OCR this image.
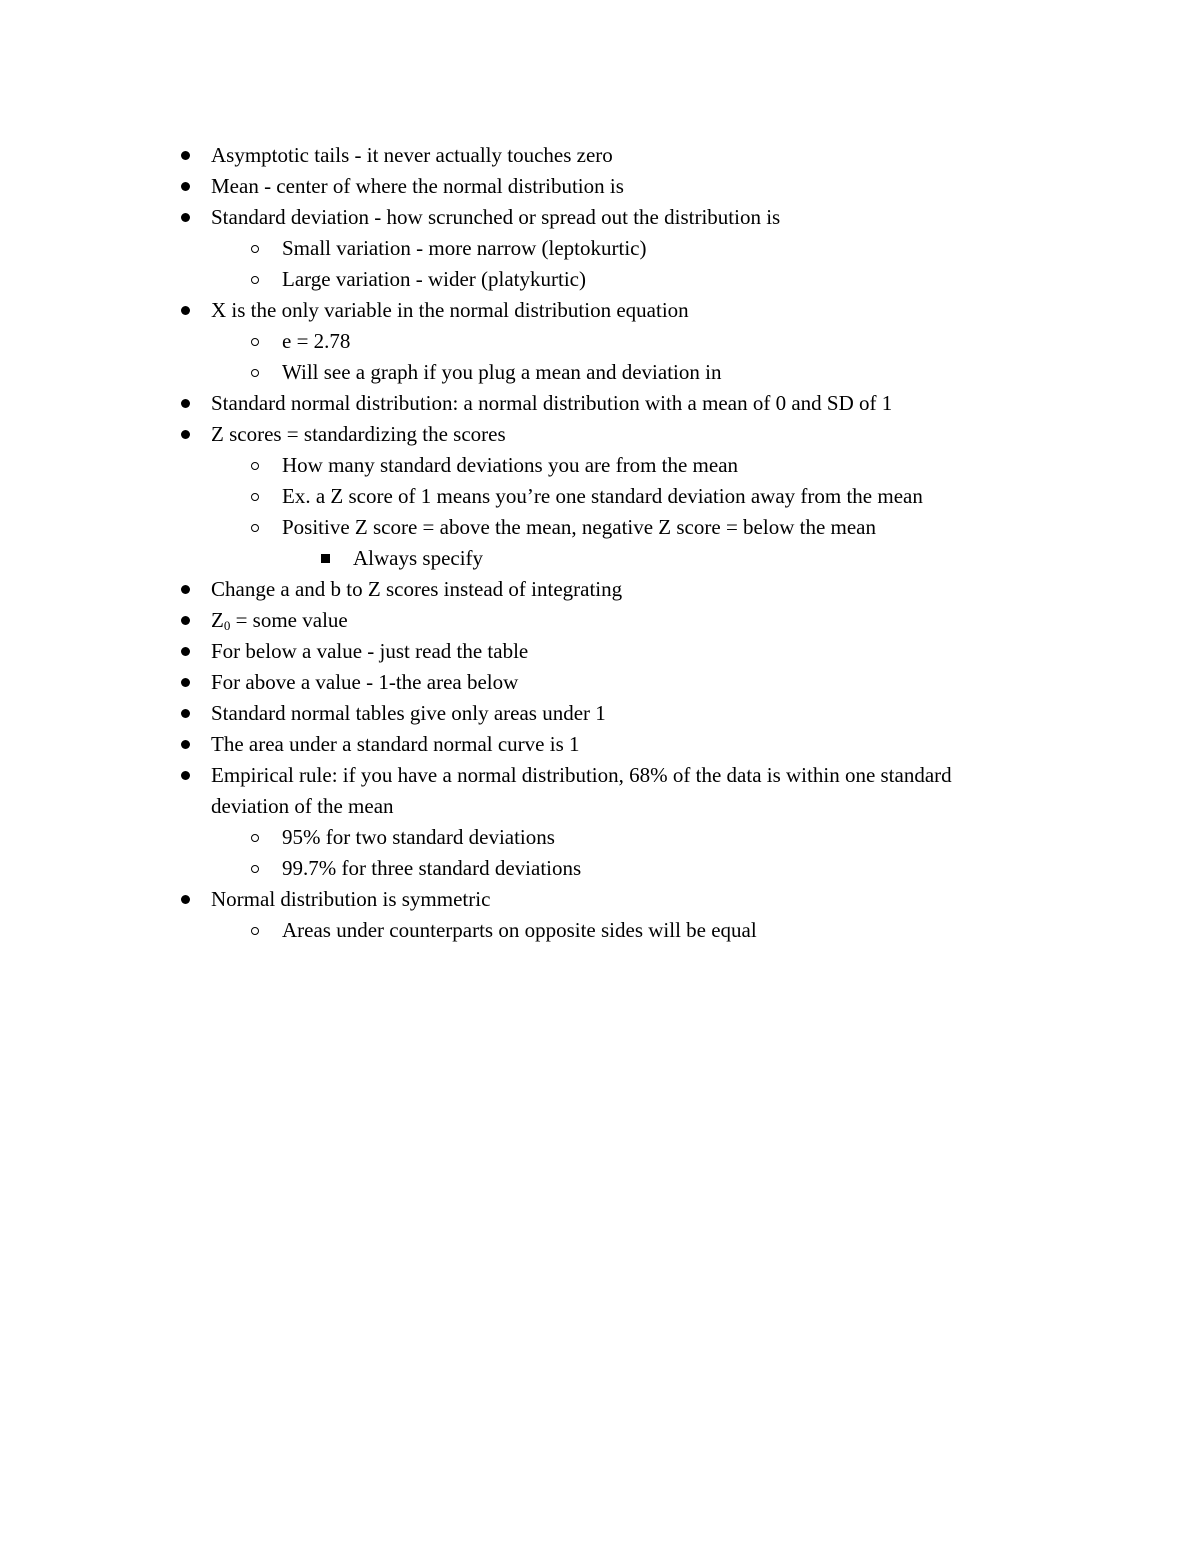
Asymptotic tails - it never actually touches zero
Mean - center of where the normal distribution is
Standard deviation - how scrunched or spread out the distribution is
Small variation - more narrow (leptokurtic)
Large variation - wider (platykurtic)
X is the only variable in the normal distribution equation
e = 2.78
Will see a graph if you plug a mean and deviation in
Standard normal distribution: a normal distribution with a mean of 0 and SD of 1
Z scores = standardizing the scores
How many standard deviations you are from the mean
Ex. a Z score of 1 means you’re one standard deviation away from the mean
Positive Z score = above the mean, negative Z score = below the mean
Always specify
Change a and b to Z scores instead of integrating
$Z_0$ = some value
For below a value - just read the table
For above a value - 1-the area below
Standard normal tables give only areas under 1
The area under a standard normal curve is 1
Empirical rule: if you have a normal distribution, 68% of the data is within one standard
deviation of the mean
95% for two standard deviations
99.7% for three standard deviations
Normal distribution is symmetric
Areas under counterparts on opposite sides will be equal
